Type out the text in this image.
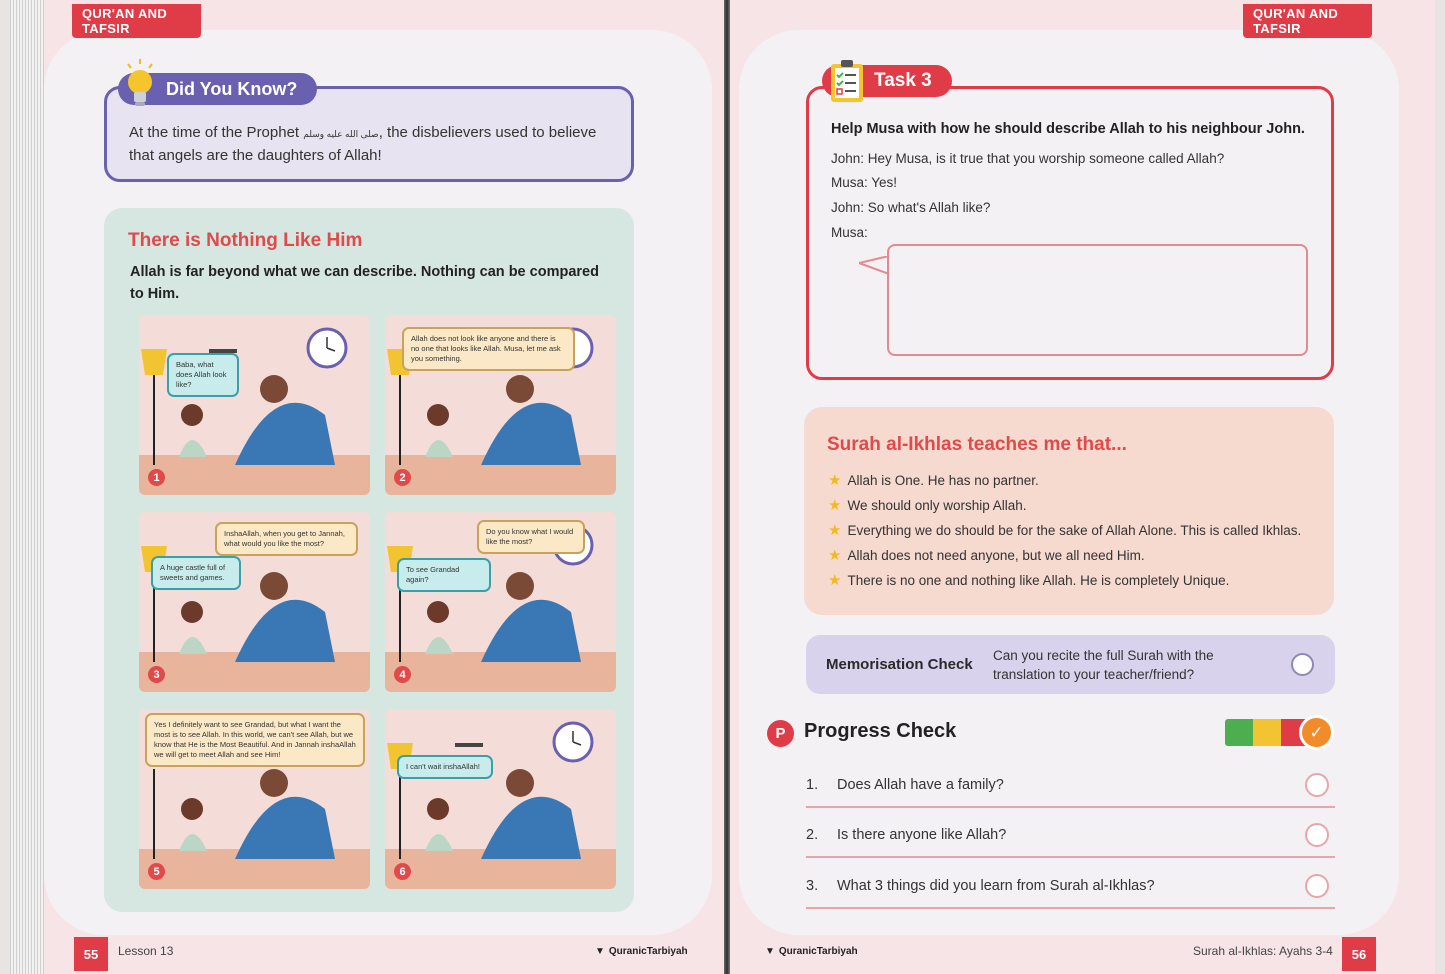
QUR'AN AND TAFSIR
QUR'AN AND TAFSIR
At the time of the Prophet صلى الله عليه وسلم, the disbelievers used to believe that angels are the daughters of Allah!
Did You Know?
There is Nothing Like Him
Allah is far beyond what we can describe. Nothing can be compared to Him.
Baba, what does Allah look like?
1
Allah does not look like anyone and there is no one that looks like Allah. Musa, let me ask you something.
2
InshaAllah, when you get to Jannah, what would you like the most?
A huge castle full of sweets and games.
3
Do you know what I would like the most?
To see Grandad again?
4
Yes I definitely want to see Grandad, but what I want the most is to see Allah. In this world, we can't see Allah, but we know that He is the Most Beautiful. And in Jannah inshaAllah we will get to meet Allah and see Him!
5
I can't wait inshaAllah!
6
55	Lesson 13	▼ QuranicTarbiyah
Task 3
Help Musa with how he should describe Allah to his neighbour John.
John: Hey Musa, is it true that you worship someone called Allah?
Musa: Yes!
John: So what's Allah like?
Musa:
Surah al-Ikhlas teaches me that...
★ Allah is One. He has no partner.
★ We should only worship Allah.
★ Everything we do should be for the sake of Allah Alone. This is called Ikhlas.
★ Allah does not need anyone, but we all need Him.
★ There is no one and nothing like Allah. He is completely Unique.
Memorisation Check
Can you recite the full Surah with the translation to your teacher/friend?
P Progress Check	✓
1. Does Allah have a family?
2. Is there anyone like Allah?
3. What 3 things did you learn from Surah al-Ikhlas?
▼ QuranicTarbiyah	Surah al-Ikhlas: Ayahs 3-4	56
